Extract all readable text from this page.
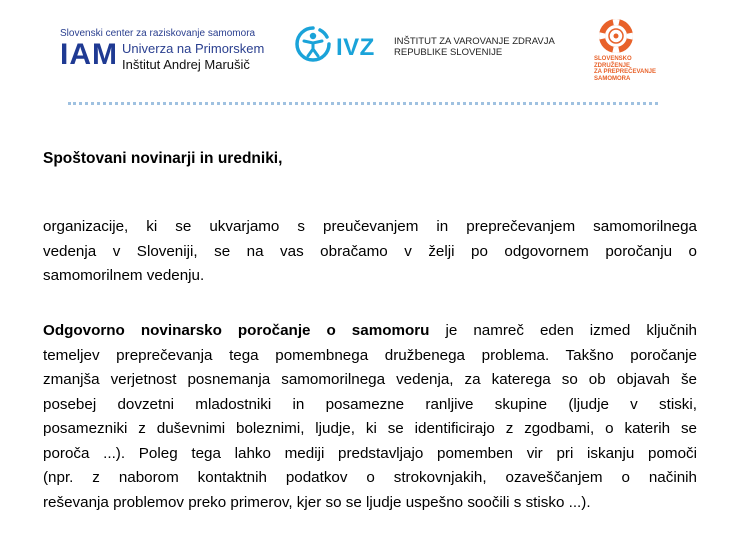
Slovenski center za raziskovanje samomora
IAM Univerza na Primorskem
Inštitut Andrej Marušič
IVZ INŠTITUT ZA VAROVANJE ZDRAVJA
REPUBLIKE SLOVENIJE
SLOVENSKO
ZDRUŽENJE
ZA PREPREČEVANJE
SAMOMORA
Spoštovani novinarji in uredniki,
organizacije, ki se ukvarjamo s preučevanjem in preprečevanjem samomorilnega
vedenja v Sloveniji, se na vas obračamo v želji po odgovornem poročanju o
samomorilnem vedenju.
Odgovorno novinarsko poročanje o samomoru je namreč eden izmed ključnih
temeljev preprečevanja tega pomembnega družbenega problema. Takšno poročanje
zmanjša verjetnost posnemanja samomorilnega vedenja, za katerega so ob objavah še
posebej dovzetni mladostniki in posamezne ranljive skupine (ljudje v stiski,
posamezniki z duševnimi boleznimi, ljudje, ki se identificirajo z zgodbami, o katerih se
poroča ...). Poleg tega lahko mediji predstavljajo pomemben vir pri iskanju pomoči
(npr. z naborom kontaktnih podatkov o strokovnjakih, ozaveščanjem o načinih
reševanja problemov preko primerov, kjer so se ljudje uspešno soočili s stisko ...).
